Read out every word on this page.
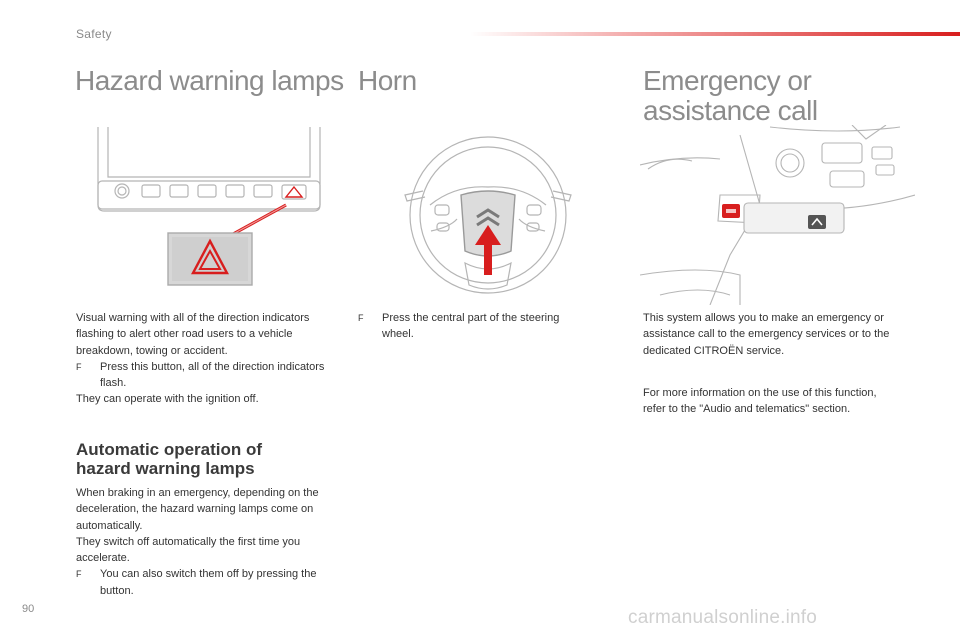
Safety
Hazard warning lamps Horn	Emergency or
assistance call

Visual warning with all of the direction indicators flashing to alert other road users to a vehicle breakdown, towing or accident.

F	Press this button, all of the direction indicators flash.

They can operate with the ignition off.

Automatic operation of
hazard warning lamps

When braking in an emergency, depending on the deceleration, the hazard warning lamps come on automatically.

They switch off automatically the first time you accelerate.

F	You can also switch them off by pressing the button.
F	Press the central part of the steering wheel.

This system allows you to make an emergency or assistance call to the emergency services or to the dedicated CITROËN service.

For more information on the use of this function, refer to the "Audio and telematics" section.

90	carmanualsonline.info
